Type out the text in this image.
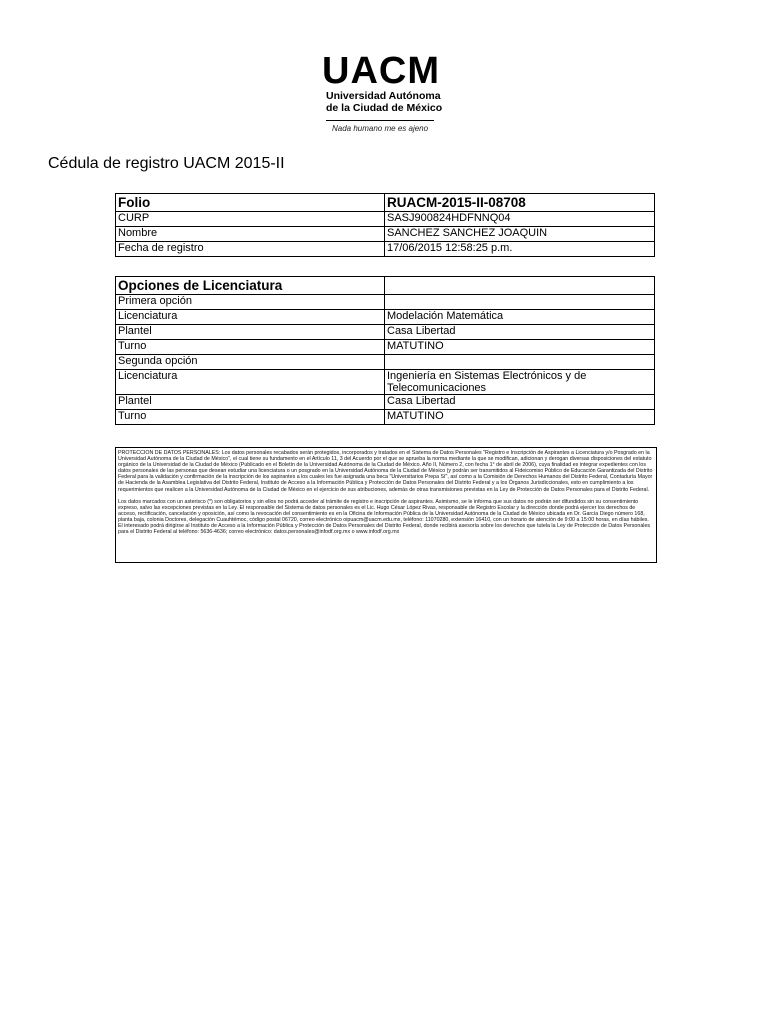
UACM
Universidad Autónoma
de la Ciudad de México
Nada humano me es ajeno
Cédula de registro UACM 2015-II
Folio	RUACM-2015-II-08708
CURP	SASJ900824HDFNNQ04
Nombre	SANCHEZ SANCHEZ JOAQUIN
Fecha de registro	17/06/2015 12:58:25 p.m.
Opciones de Licenciatura	
Primera opción	
Licenciatura	Modelación Matemática
Plantel	Casa Libertad
Turno	MATUTINO
Segunda opción	
Licenciatura	Ingeniería en Sistemas Electrónicos y de Telecomunicaciones
Plantel	Casa Libertad
Turno	MATUTINO

PROTECCION DE DATOS PERSONALES: Los datos personales recabados serán protegidos, incorporados y tratados en el Sistema de Datos Personales "Registro e Inscripción de Aspirantes a Licenciatura y/o Posgrado en la Universidad Autónoma de la Ciudad de México", el cual tiene su fundamento en el Artículo 11, 3 del Acuerdo por el que se aprueba la norma mediante la que se modifican, adicionan y derogan diversas disposiciones del estatuto orgánico de la Universidad de la Ciudad de México (Publicado en el Boletín de la Universidad Autónoma de la Ciudad de México. Año II, Número 2, con fecha 1° de abril de 2006), cuya finalidad es integrar expedientes con los datos personales de las personas que desean estudiar una licenciatura o un posgrado en la Universidad Autónoma de la Ciudad de México (y podrán ser transmitidos al Fideicomiso Público de Educación Garantizada del Distrito Federal para la validación y confirmación de la inscripción de los aspirantes a los cuales les fue asignada una beca "Universitarios Prepa Sí", así como a la Comisión de Derechos Humanos del Distrito Federal, Contaduría Mayor de Hacienda de la Asamblea Legislativa del Distrito Federal, Instituto de Acceso a la Información Pública y Protección de Datos Personales del Distrito Federal y a los Órganos Jurisdiccionales, esto en cumplimiento a los requerimientos que realicen a la Universidad Autónoma de la Ciudad de México en el ejercicio de sus atribuciones, además de otras transmisiones previstas en la Ley de Protección de Datos Personales para el Distrito Federal.

Los datos marcados con un asterisco (*) son obligatorios y sin ellos no podrá acceder al trámite de registro e inscripción de aspirantes. Asimismo, se le informa que sus datos no podrán ser difundidos sin su consentimiento expreso, salvo las excepciones previstas en la Ley. El responsable del Sistema de datos personales es el Lic. Hugo César López Rivas, responsable de Registro Escolar y la dirección donde podrá ejercer los derechos de acceso, rectificación, cancelación y oposición, así como la revocación del consentimiento es en la Oficina de Información Pública de la Universidad Autónoma de la Ciudad de México ubicada en Dr. García Diego número 168, planta baja, colonia Doctores, delegación Cuauhtémoc, código postal 06720, correo electrónico oipuacm@uacm.edu.mx, teléfono: 11070280, extensión 16410, con un horario de atención de 9:00 a 15:00 horas, en días hábiles. El interesado podrá dirigirse al Instituto de Acceso a la Información Pública y Protección de Datos Personales del Distrito Federal, donde recibirá asesoría sobre los derechos que tutela la Ley de Protección de Datos Personales para el Distrito Federal al teléfono: 5636-4636; correo electrónico: datos.personales@infodf.org.mx o www.infodf.org.mx
